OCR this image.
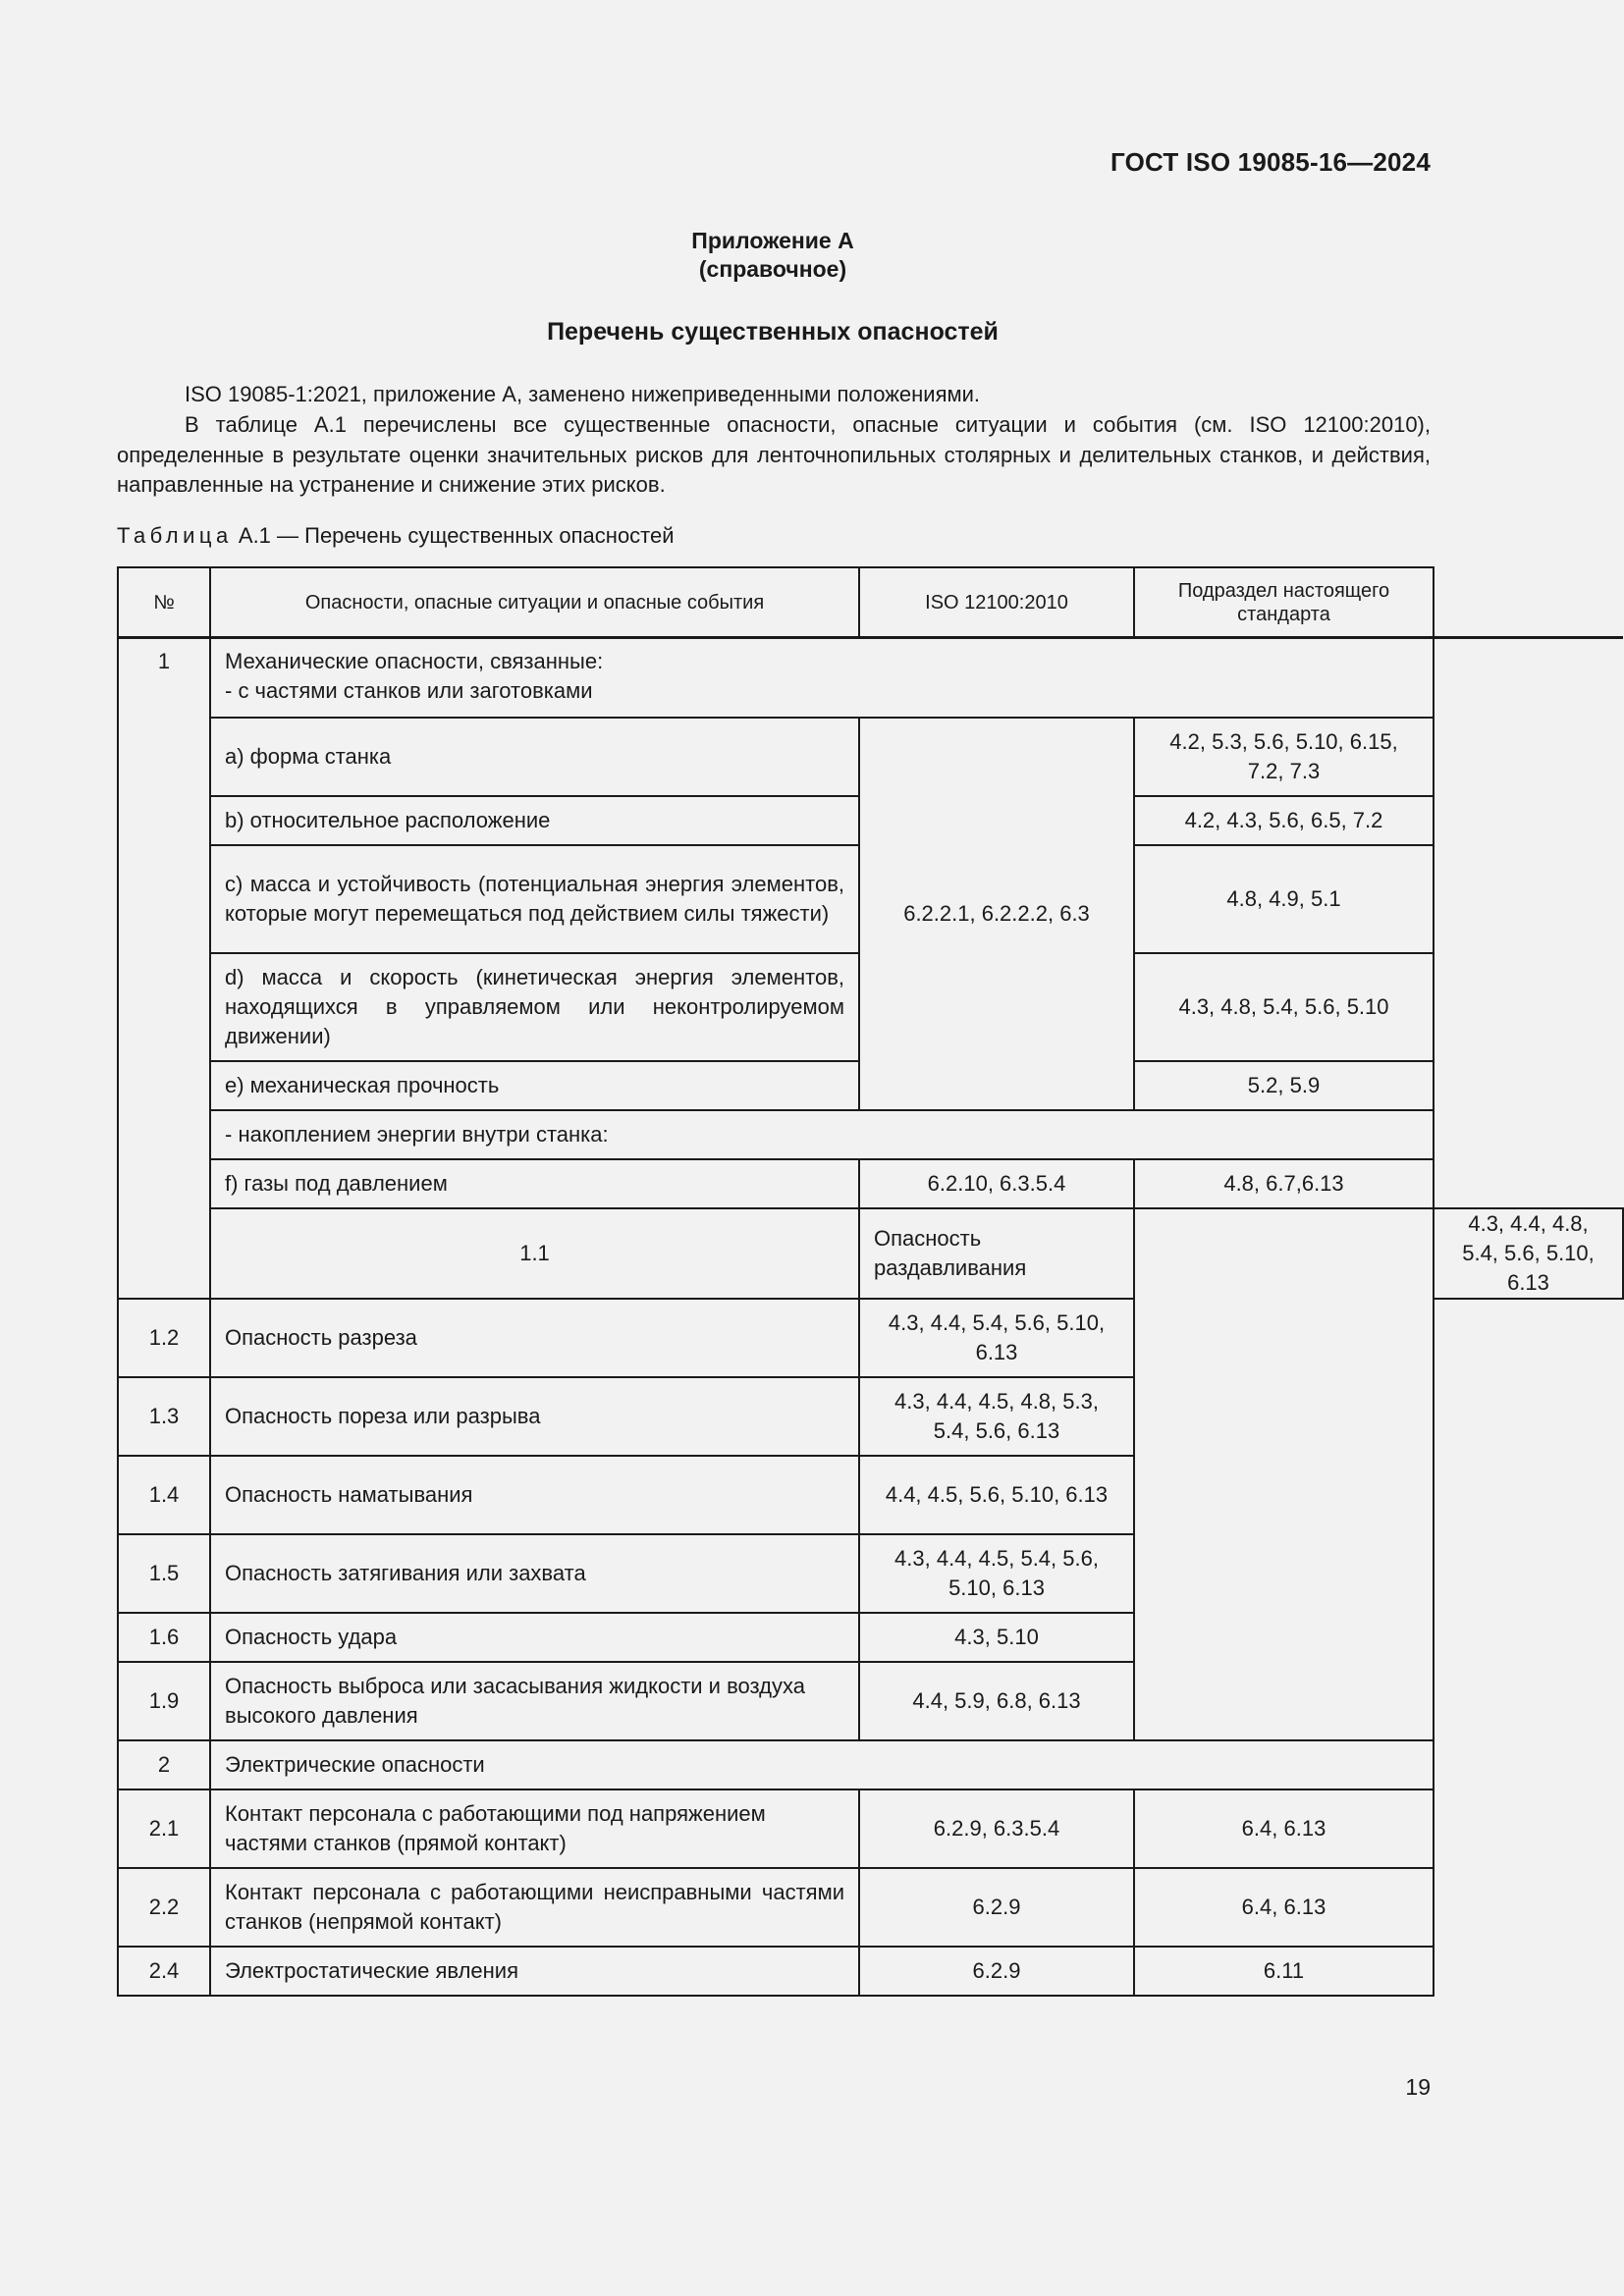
ГОСТ ISO 19085-16—2024
Приложение А
(справочное)
Перечень существенных опасностей
ISO 19085-1:2021, приложение А, заменено нижеприведенными положениями.
В таблице А.1 перечислены все существенные опасности, опасные ситуации и события (см. ISO 12100:2010), определенные в результате оценки значительных рисков для ленточнопильных столярных и делительных станков, и действия, направленные на устранение и снижение этих рисков.
Таблица А.1 — Перечень существенных опасностей
№	Опасности, опасные ситуации и опасные события	ISO 12100:2010	Подраздел настоящего стандарта	
1	Механические опасности, связанные:
- с частями станков или заготовками			

	a) форма станка	6.2.2.1, 6.2.2.2, 6.3	4.2, 5.3, 5.6, 5.10, 6.15, 7.2, 7.3	
	b) относительное расположение		4.2, 4.3, 5.6, 6.5, 7.2	
	c) масса и устойчивость (потенциальная энергия элементов, которые могут перемещаться под действием силы тяжести)		4.8, 4.9, 5.1	
	d) масса и скорость (кинетическая энергия элементов, находящихся в управляемом или неконтролируемом движении)		4.3, 4.8, 5.4, 5.6, 5.10	
	e) механическая прочность		5.2, 5.9	
	- накоплением энергии внутри станка:			
	f) газы под давлением	6.2.10, 6.3.5.4	4.8, 6.7,6.13	
	1.1	Опасность раздавливания		4.3, 4.4, 4.8, 5.4, 5.6, 5.10, 6.13
1.2	Опасность разреза	4.3, 4.4, 5.4, 5.6, 5.10, 6.13		
1.3	Опасность пореза или разрыва	4.3, 4.4, 4.5, 4.8, 5.3, 5.4, 5.6, 6.13		
1.4	Опасность наматывания	4.4, 4.5, 5.6, 5.10, 6.13		
1.5	Опасность затягивания или захвата	4.3, 4.4, 4.5, 5.4, 5.6, 5.10, 6.13		
1.6	Опасность удара	4.3, 5.10		
1.9	Опасность выброса или засасывания жидкости и воздуха высокого давления	4.4, 5.9, 6.8, 6.13		
2	Электрические опасности			
2.1	Контакт персонала с работающими под напряжением частями станков (прямой контакт)	6.2.9, 6.3.5.4	6.4, 6.13	
2.2	Контакт персонала с работающими неисправными частями станков (непрямой контакт)	6.2.9	6.4, 6.13	
2.4	Электростатические явления	6.2.9	6.11	
19
